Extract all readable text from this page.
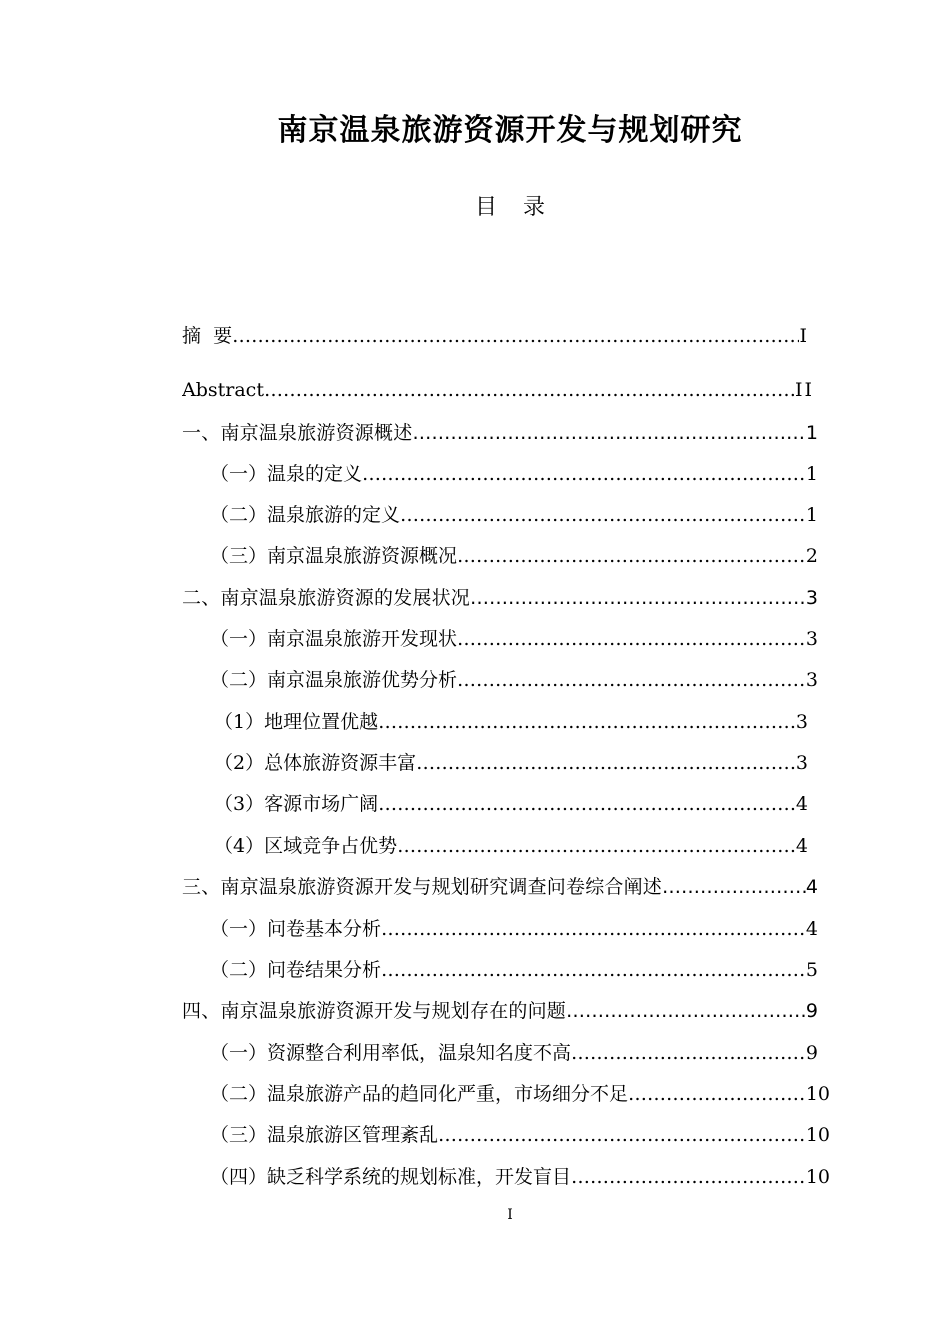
南京温泉旅游资源开发与规划研究
目 录
摘  要 …………………………………………………………………………………………………………………………………………	I
Abstract …………………………………………………………………………………………………………………………………………	II
一、南京温泉旅游资源概述 …………………………………………………………………………………………………………………………………………	1
（一）温泉的定义 …………………………………………………………………………………………………………………………………………	1
（二）温泉旅游的定义 …………………………………………………………………………………………………………………………………………	1
（三）南京温泉旅游资源概况 …………………………………………………………………………………………………………………………………………	2
二、南京温泉旅游资源的发展状况 …………………………………………………………………………………………………………………………………………	3
（一）南京温泉旅游开发现状 …………………………………………………………………………………………………………………………………………	3
（二）南京温泉旅游优势分析 …………………………………………………………………………………………………………………………………………	3
（1）地理位置优越 …………………………………………………………………………………………………………………………………………	3
（2）总体旅游资源丰富 …………………………………………………………………………………………………………………………………………	3
（3）客源市场广阔 …………………………………………………………………………………………………………………………………………	4
（4）区域竞争占优势 …………………………………………………………………………………………………………………………………………	4
三、南京温泉旅游资源开发与规划研究调查问卷综合阐述 …………………………………………………………………………………………………………………………………………	4
（一）问卷基本分析 …………………………………………………………………………………………………………………………………………	4
（二）问卷结果分析 …………………………………………………………………………………………………………………………………………	5
四、南京温泉旅游资源开发与规划存在的问题 …………………………………………………………………………………………………………………………………………	9
（一）资源整合利用率低，温泉知名度不高 …………………………………………………………………………………………………………………………………………	9
（二）温泉旅游产品的趋同化严重，市场细分不足 …………………………………………………………………………………………………………………………………………	10
（三）温泉旅游区管理紊乱 …………………………………………………………………………………………………………………………………………	10
（四）缺乏科学系统的规划标准，开发盲目 …………………………………………………………………………………………………………………………………………	10
I
